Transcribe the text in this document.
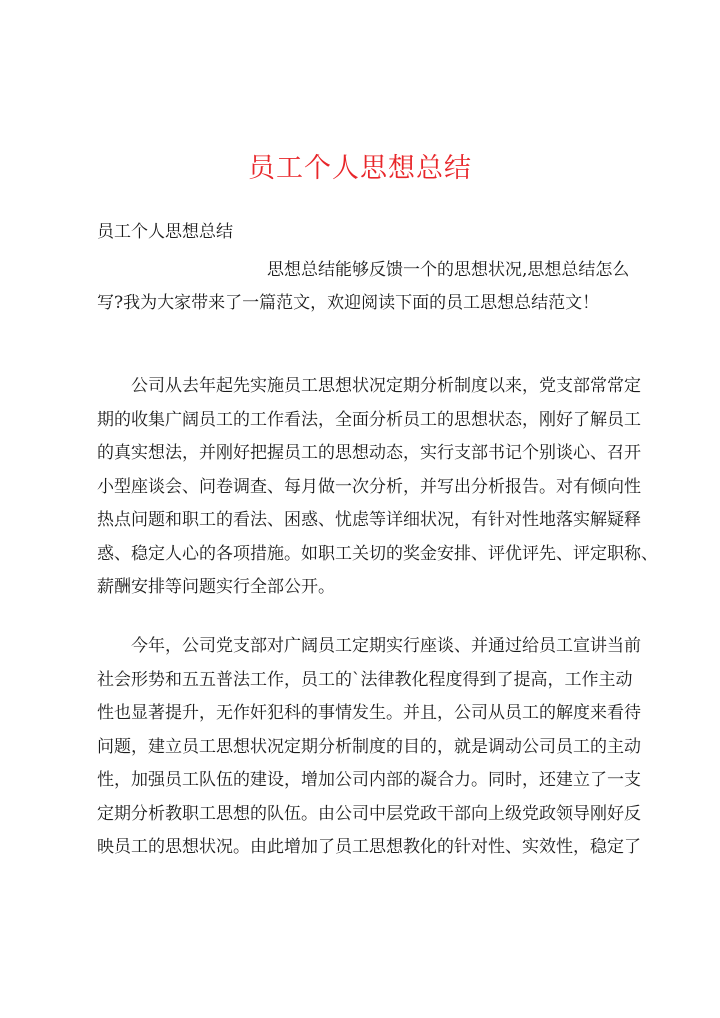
员工个人思想总结
员工个人思想总结
思想总结能够反馈一个的思想状况,思想总结怎么
写?我为大家带来了一篇范文，欢迎阅读下面的员工思想总结范文！
公司从去年起先实施员工思想状况定期分析制度以来，党支部常常定
期的收集广阔员工的工作看法，全面分析员工的思想状态，刚好了解员工
的真实想法，并刚好把握员工的思想动态，实行支部书记个别谈心、召开
小型座谈会、问卷调查、每月做一次分析，并写出分析报告。对有倾向性
热点问题和职工的看法、困惑、忧虑等详细状况，有针对性地落实解疑释
惑、稳定人心的各项措施。如职工关切的奖金安排、评优评先、评定职称、
薪酬安排等问题实行全部公开。
今年，公司党支部对广阔员工定期实行座谈、并通过给员工宣讲当前
社会形势和五五普法工作，员工的`法律教化程度得到了提高，工作主动
性也显著提升，无作奸犯科的事情发生。并且，公司从员工的解度来看待
问题，建立员工思想状况定期分析制度的目的，就是调动公司员工的主动
性，加强员工队伍的建设，增加公司内部的凝合力。同时，还建立了一支
定期分析教职工思想的队伍。由公司中层党政干部向上级党政领导刚好反
映员工的思想状况。由此增加了员工思想教化的针对性、实效性，稳定了
